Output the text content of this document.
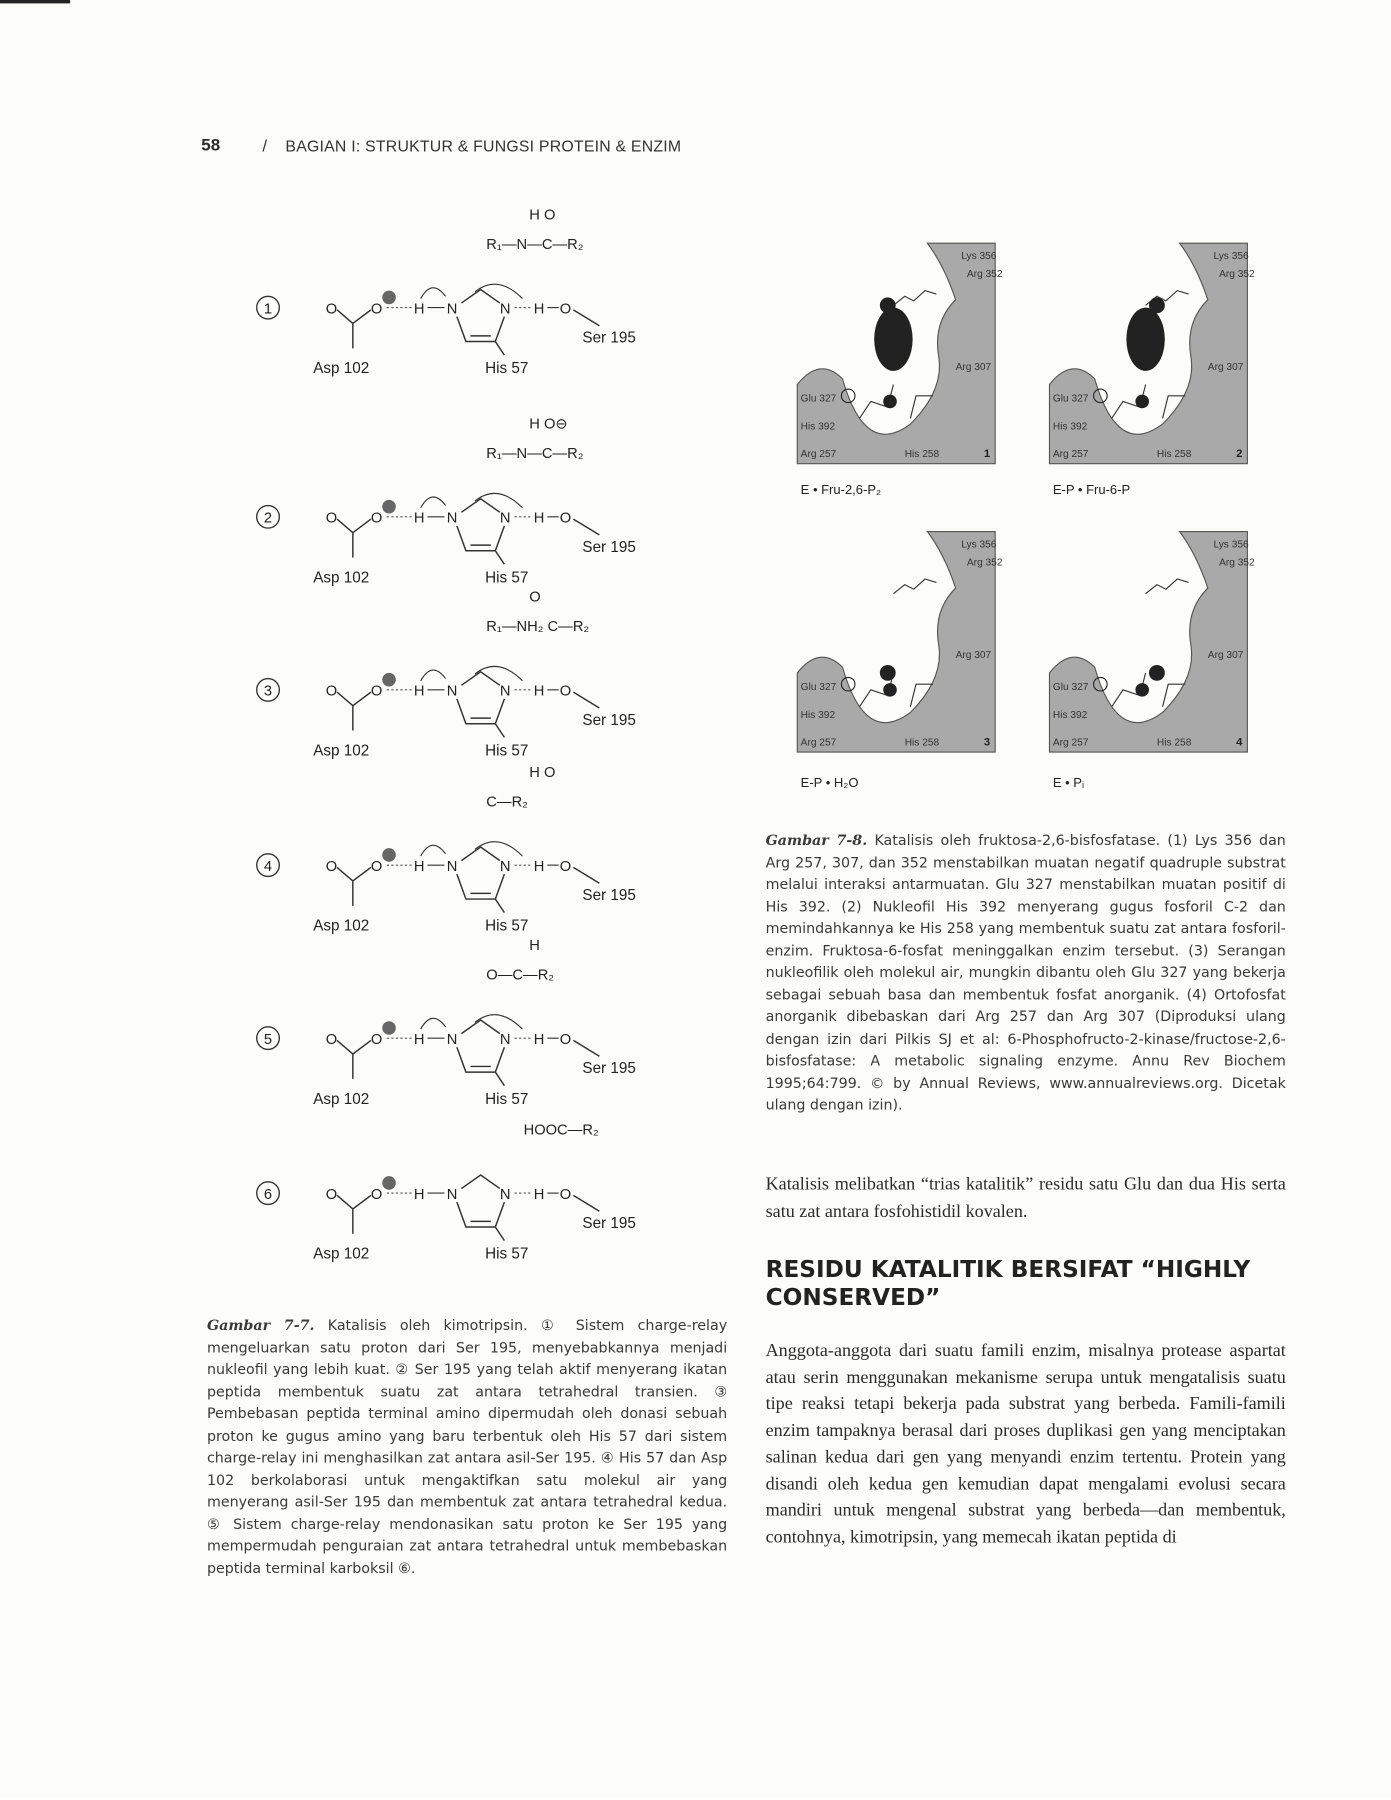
58	/ BAGIAN I: STRUKTUR & FUNGSI PROTEIN & ENZIM
1	O	O H N	N H O
Ser 195
Asp 102	His 57
H O
R₁—N—C—R₂
2	O	O H N	N H O
Ser 195
Asp 102	His 57
H O⊖
R₁—N—C—R₂
3	O	O H N	N H O
Ser 195
Asp 102	His 57
O
R₁—NH₂ C—R₂
4	O	O H N	N H O
Ser 195
Asp 102	His 57
H O
C—R₂
5	O	O H N	N H O
Ser 195
Asp 102	His 57
H
O—C—R₂
6	O	O H N	N H O
Ser 195
Asp 102	His 57
HOOC—R₂
Gambar 7-7. Katalisis oleh kimotripsin. ① Sistem charge-relay mengeluarkan satu proton dari Ser 195, menyebabkannya menjadi nukleofil yang lebih kuat. ② Ser 195 yang telah aktif menyerang ikatan peptida membentuk suatu zat antara tetrahedral transien. ③ Pembebasan peptida terminal amino dipermudah oleh donasi sebuah proton ke gugus amino yang baru terbentuk oleh His 57 dari sistem charge-relay ini menghasilkan zat antara asil-Ser 195. ④ His 57 dan Asp 102 berkolaborasi untuk mengaktifkan satu molekul air yang menyerang asil-Ser 195 dan membentuk zat antara tetrahedral kedua. ⑤ Sistem charge-relay mendonasikan satu proton ke Ser 195 yang mempermudah penguraian zat antara tetrahedral untuk membebaskan peptida terminal karboksil ⑥.
Lys 356
Arg 352
Arg 307
Glu 327
His 392
Arg 257	His 258	1
E • Fru-2,6-P₂
Lys 356
Arg 352
Arg 307
Glu 327
His 392
Arg 257	His 258	2
E-P • Fru-6-P
Lys 356
Arg 352
Arg 307
Glu 327
His 392
Arg 257	His 258	3
E-P • H₂O
Lys 356
Arg 352
Arg 307
Glu 327
His 392
Arg 257	His 258	4
E • Pᵢ
Gambar 7-8. Katalisis oleh fruktosa-2,6-bisfosfatase. (1) Lys 356 dan Arg 257, 307, dan 352 menstabilkan muatan negatif quadruple substrat melalui interaksi antarmuatan. Glu 327 menstabilkan muatan positif di His 392. (2) Nukleofil His 392 menyerang gugus fosforil C-2 dan memindahkannya ke His 258 yang membentuk suatu zat antara fosforil-enzim. Fruktosa-6-fosfat meninggalkan enzim tersebut. (3) Serangan nukleofilik oleh molekul air, mungkin dibantu oleh Glu 327 yang bekerja sebagai sebuah basa dan membentuk fosfat anorganik. (4) Ortofosfat anorganik dibebaskan dari Arg 257 dan Arg 307 (Diproduksi ulang dengan izin dari Pilkis SJ et al: 6-Phosphofructo-2-kinase/fructose-2,6-bisfosfatase: A metabolic signaling enzyme. Annu Rev Biochem 1995;64:799. © by Annual Reviews, www.annualreviews.org. Dicetak ulang dengan izin).
Katalisis melibatkan “trias katalitik” residu satu Glu dan dua His serta satu zat antara fosfohistidil kovalen.
RESIDU KATALITIK BERSIFAT “HIGHLY CONSERVED”
Anggota-anggota dari suatu famili enzim, misalnya protease aspartat atau serin menggunakan mekanisme serupa untuk mengatalisis suatu tipe reaksi tetapi bekerja pada substrat yang berbeda. Famili-famili enzim tampaknya berasal dari proses duplikasi gen yang menciptakan salinan kedua dari gen yang menyandi enzim tertentu. Protein yang disandi oleh kedua gen kemudian dapat mengalami evolusi secara mandiri untuk mengenal substrat yang berbeda—dan membentuk, contohnya, kimotripsin, yang memecah ikatan peptida di
